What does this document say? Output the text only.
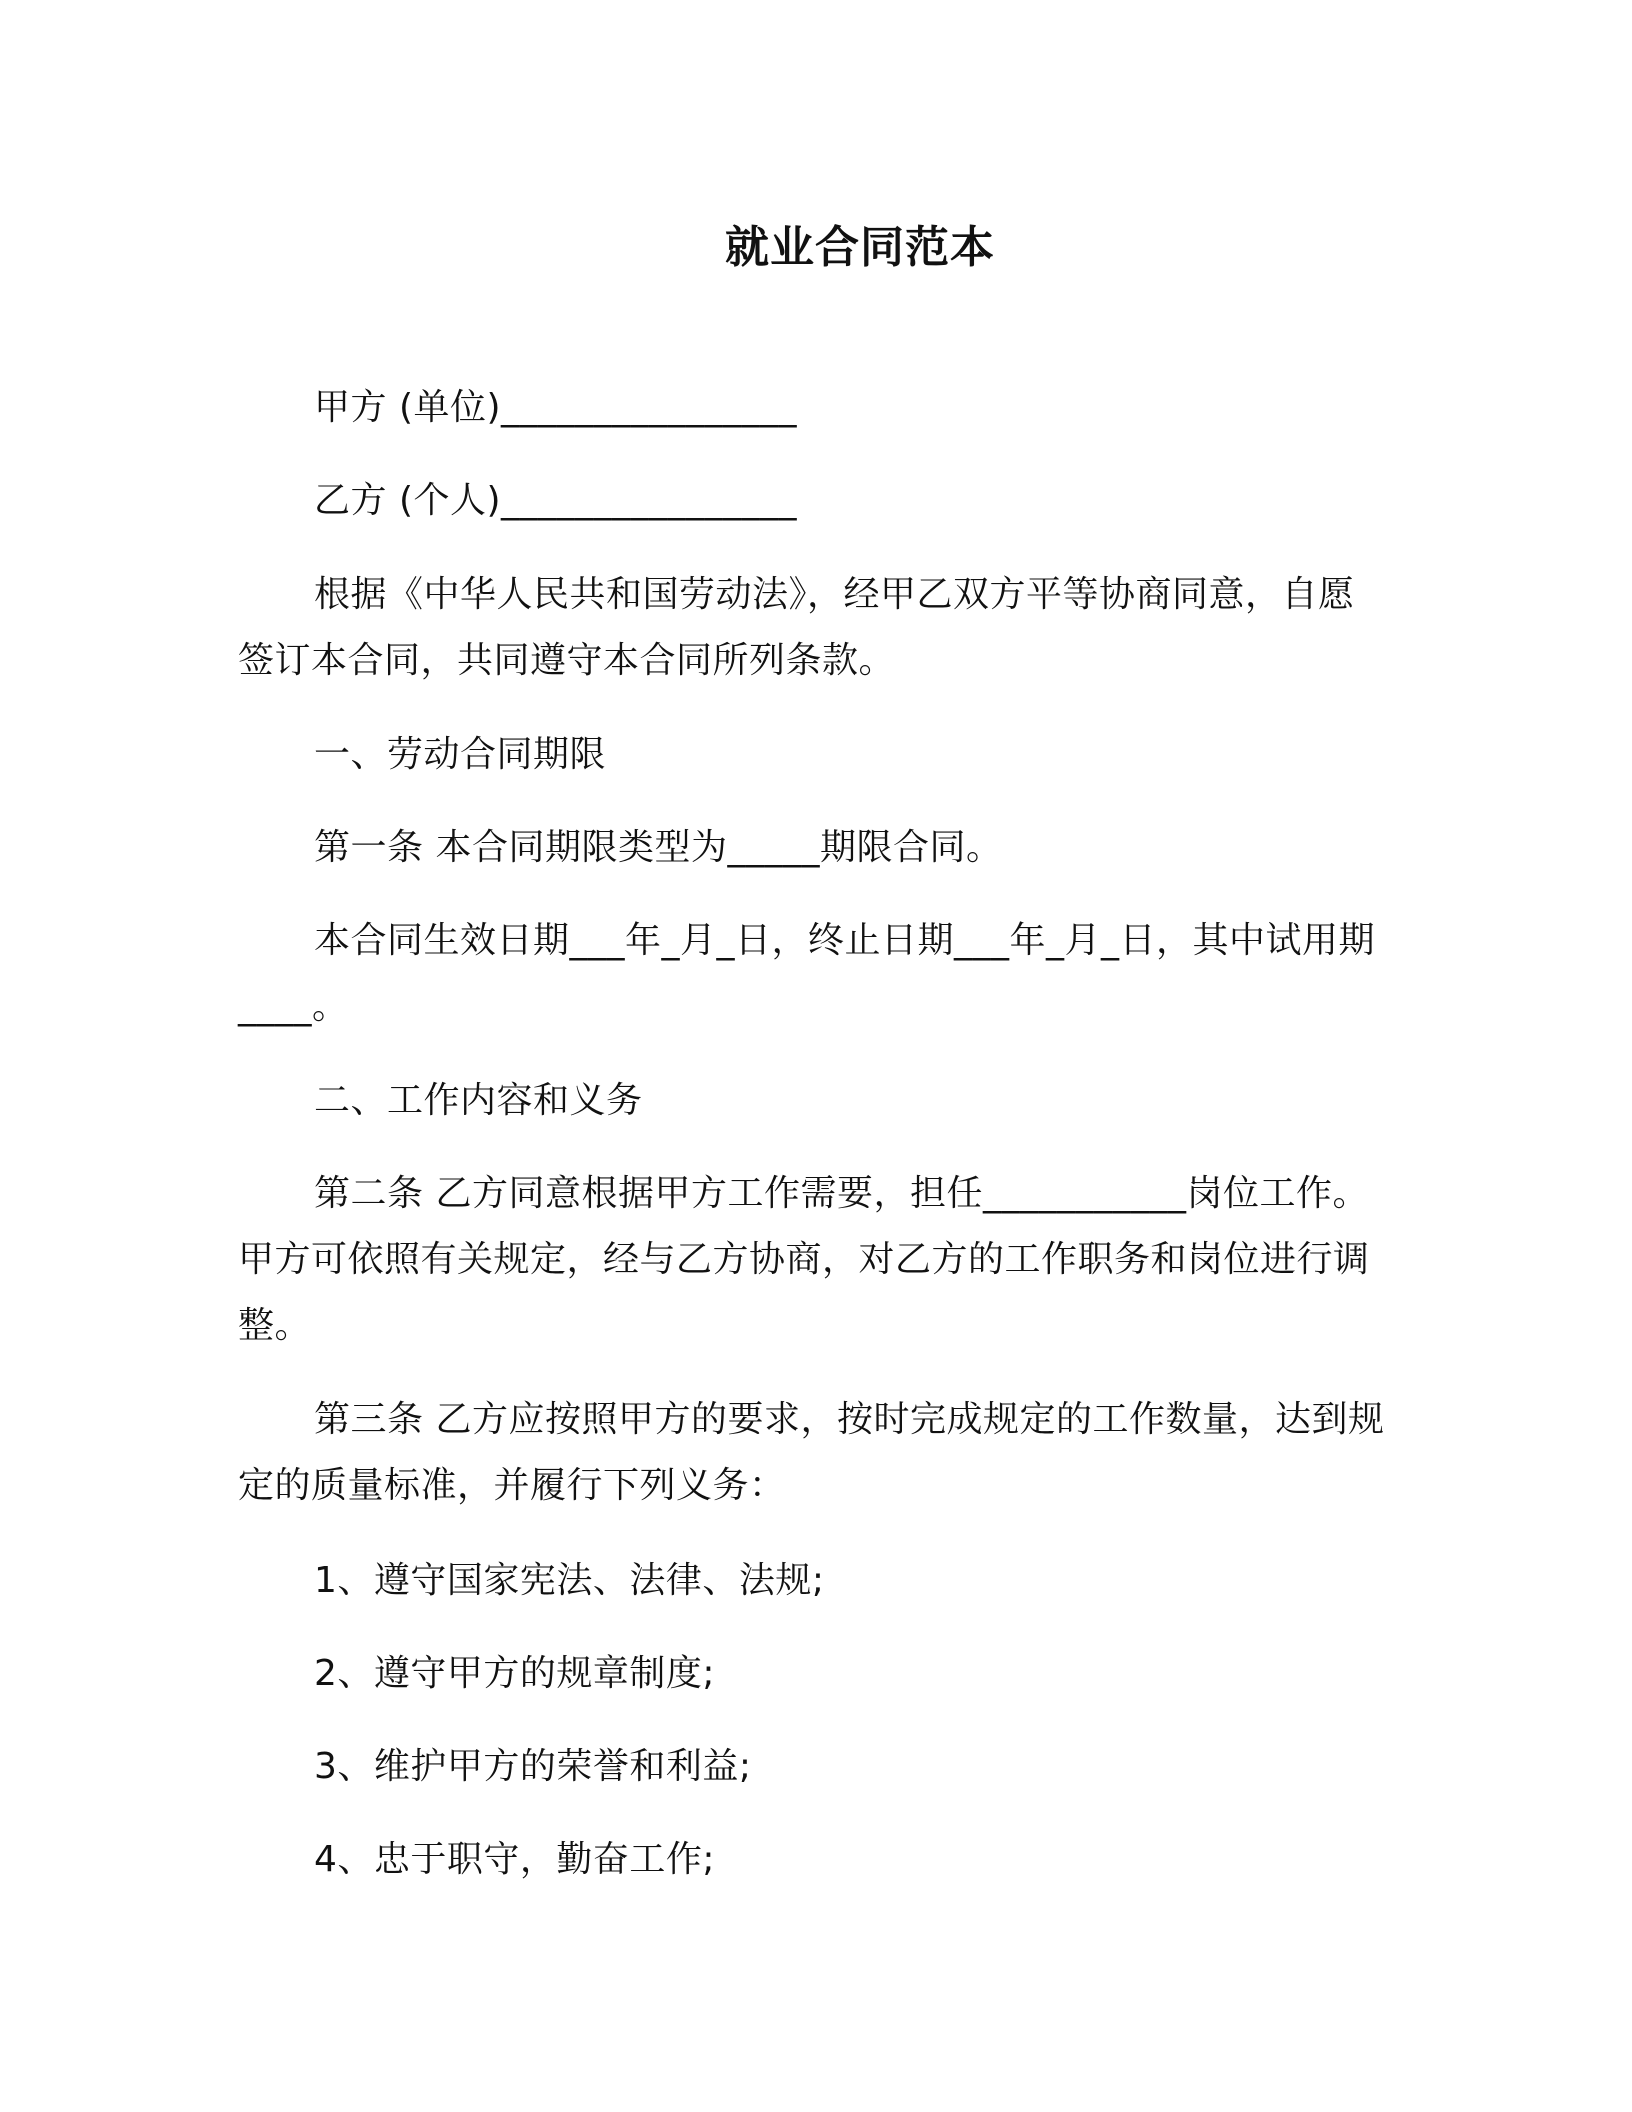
就业合同范本

甲方 (单位)________________

乙方 (个人)________________

根据《中华人民共和国劳动法》，经甲乙双方平等协商同意，自愿签订本合同，共同遵守本合同所列条款。

一、劳动合同期限

第一条 本合同期限类型为_____期限合同。

本合同生效日期___年_月_日，终止日期___年_月_日，其中试用期____。

二、工作内容和义务

第二条 乙方同意根据甲方工作需要，担任___________岗位工作。甲方可依照有关规定，经与乙方协商，对乙方的工作职务和岗位进行调整。

第三条 乙方应按照甲方的要求，按时完成规定的工作数量，达到规定的质量标准，并履行下列义务：

1、遵守国家宪法、法律、法规;

2、遵守甲方的规章制度;

3、维护甲方的荣誉和利益;

4、忠于职守，勤奋工作;
